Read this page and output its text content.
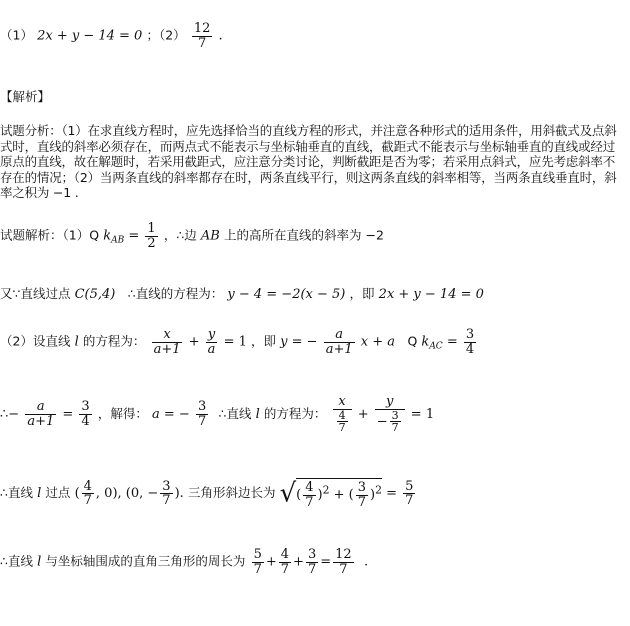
（1） 2x + y − 14 = 0 ；$(2) \frac{12}{7}$ .
【解析】
试题分析：（1）在求直线方程时，应先选择恰当的直线方程的形式，并注意各种形式的适用条件，用斜截式及点斜式时，直线的斜率必须存在，而两点式不能表示与坐标轴垂直的直线，截距式不能表示与坐标轴垂直的直线或经过原点的直线，故在解题时，若采用截距式，应注意分类讨论，判断截距是否为零；若采用点斜式，应先考虑斜率不存在的情况；（2）当两条直线的斜率都存在时，两条直线平行，则这两条直线的斜率相等，当两条直线垂直时，斜率之积为 −1 .
试题解析：（1）Q $k_{AB} = \frac{1}{2}$ ，∴边 AB 上的高所在直线的斜率为 −2
又∵直线过点 C(5,4) ∴直线的方程为： y − 4 = −2(x − 5) ，即 2x + y − 14 = 0
（2）设直线 l 的方程为： $\frac{x}{a+1} + \frac{y}{a} = 1$ ，即 y = − $\frac{a}{a+1}$ x + a Q $k_{AC} = \frac{3}{4}$
∴− $\frac{a}{a+1} = \frac{3}{4}$ ，解得： a = − $\frac{3}{7}$ ∴直线 l 的方程为： $\frac{x}{\frac{4}{7}} + \frac{y}{- \frac{3}{7}} = 1$
∴直线 l 过点 ( $\frac{4}{7}$ , 0), (0, − $\frac{3}{7}$ ). 三角形斜边长为 √( $\frac{4}{7} )^2$ + ( $\frac{3}{7} )^2 = \frac{5}{7}$
∴直线 l 与坐标轴围成的直角三角形的周长为 $\frac{5}{7} + \frac{4}{7} + \frac{3}{7} = \frac{12}{7}$ .
